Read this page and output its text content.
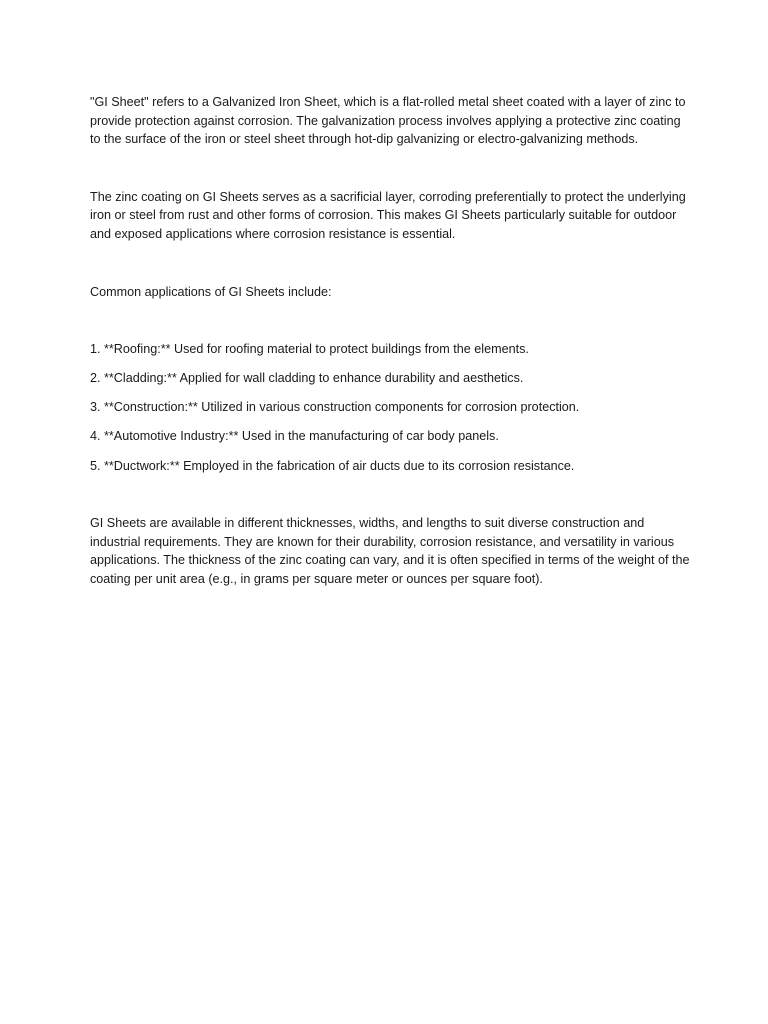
"GI Sheet" refers to a Galvanized Iron Sheet, which is a flat-rolled metal sheet coated with a layer of zinc to provide protection against corrosion. The galvanization process involves applying a protective zinc coating to the surface of the iron or steel sheet through hot-dip galvanizing or electro-galvanizing methods.

The zinc coating on GI Sheets serves as a sacrificial layer, corroding preferentially to protect the underlying iron or steel from rust and other forms of corrosion. This makes GI Sheets particularly suitable for outdoor and exposed applications where corrosion resistance is essential.

Common applications of GI Sheets include:

1. **Roofing:** Used for roofing material to protect buildings from the elements.
2. **Cladding:** Applied for wall cladding to enhance durability and aesthetics.
3. **Construction:** Utilized in various construction components for corrosion protection.
4. **Automotive Industry:** Used in the manufacturing of car body panels.
5. **Ductwork:** Employed in the fabrication of air ducts due to its corrosion resistance.

GI Sheets are available in different thicknesses, widths, and lengths to suit diverse construction and industrial requirements. They are known for their durability, corrosion resistance, and versatility in various applications. The thickness of the zinc coating can vary, and it is often specified in terms of the weight of the coating per unit area (e.g., in grams per square meter or ounces per square foot).
